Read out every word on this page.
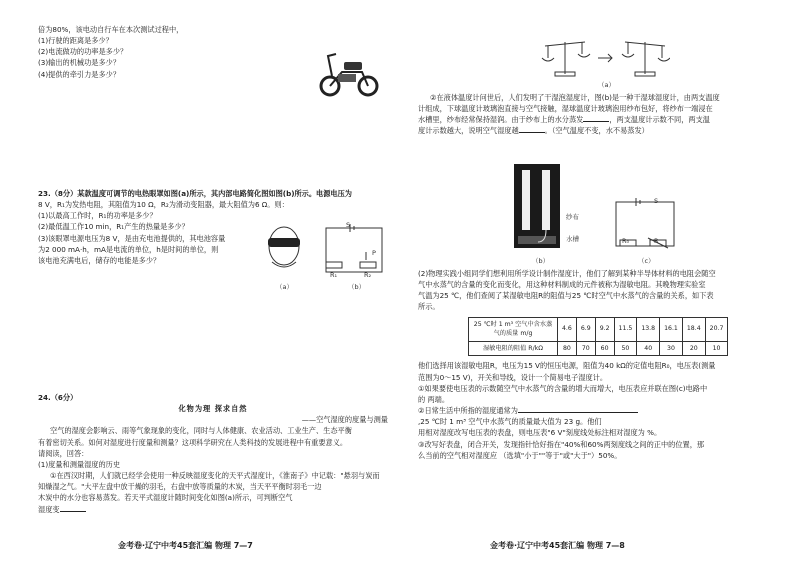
倍为80%，该电动自行车在本次测试过程中，

(1)行驶的距离是多少？

(2)电流做功的功率是多少？

(3)输出的机械功是多少？

(4)提供的牵引力是多少？

23.（8分）某款温度可调节的电热眼罩如图(a)所示，其内部电路简化图如图(b)所示。电源电压为

8 V，R₁为发热电阻，其阻值为10 Ω，R₂为滑动变阻器，最大阻值为6 Ω。则：

(1)以最高工作时，R₁的功率是多少？

(2)最低温工作10 min，R₁产生的热量是多少？

(3)该眼罩电源电压为8 V，是由充电池提供的，其电池容量

为2 000 mA·h，mA是电流的单位，h是时间的单位，则

该电池充满电后，储存的电能是多少？

（a）
S
P
R₁	R₂
（b）

24.（6分）

化物为理 探求自然

——空气湿度的度量与测量

空气的湿度会影响云、雨等气象现象的变化，同时与人体健康、农业活动、工业生产、生态平衡

有着密切关系。如何对湿度进行度量和测量？这项科学研究在人类科技的发展进程中有重要意义。

请阅读，回答：

(1)度量和测量湿度的历史

①在西汉时期，人们就已经学会使用一种反映湿度变化的天平式湿度计，《淮南子》中记载："悬羽与炭而

知燥湿之气。"大平左盘中放干燥的羽毛，右盘中放等质量的木炭，当天平平衡时羽毛一边

木炭中的水分也容易蒸发。若天平式湿度计随时间变化如图(a)所示，可判断空气

湿度变

金考卷·辽宁中考45套汇编 物理 7—7
（a）

②在液体温度计问世后，人们发明了干湿泡湿度计，图(b)是一种干湿球湿度计，由两支温度

计组成，下球温度计玻璃泡直接与空气接触，湿球温度计玻璃泡用纱布包好，将纱布一端浸在

水槽里，纱布经常保持湿润。由于纱布上的水分蒸发	，两支温度计示数不同，两支温

度计示数越大，说明空气湿度越	。（空气温度不变，水不易蒸发）

纱布
水槽
（b）
S
R₀	R
（c）

(2)物理实践小组同学们想利用所学设计制作湿度计，他们了解到某种半导体材料的电阻会随空

气中水蒸气的含量的变化而变化，用这种材料制成的元件被称为湿敏电阻。其晚物理实验室

气温为25 ℃，他们查阅了某湿敏电阻R的阻值与25 ℃时空气中水蒸气的含量的关系，如下表

所示。

25 ℃时 1 m³ 空气中含水蒸气的质量 m/g	4.6	6.9	9.2	11.5	13.8	16.1	18.4	20.7
湿敏电阻的阻值 R/kΩ	80	70	60	50	40	30	20	10

他们选择用该湿敏电阻R，电压为15 V的恒压电源，阻值为40 kΩ的定值电阻R₀，电压表(测量

范围为0～15 V)，开关和导线，设计一个简易电子湿度计。

①如果要使电压表的示数随空气中水蒸气的含量的增大而增大，电压表应并联在图(c)电路中

的 两端。

②日常生活中所指的湿度通常为

,25 ℃时 1 m³ 空气中水蒸气的质量最大值为 23 g。他们

用相对湿度改写电压表的表盘，则电压表"6 V"刻度线处标注相对湿度为 %。

③改写好表盘，闭合开关，发现指针恰好指在"40%和60%两刻度线之间的正中的位置，那

么当前的空气相对湿度应 （选填"小于""等于"或"大于"）50%。

金考卷·辽宁中考45套汇编 物理 7—8
